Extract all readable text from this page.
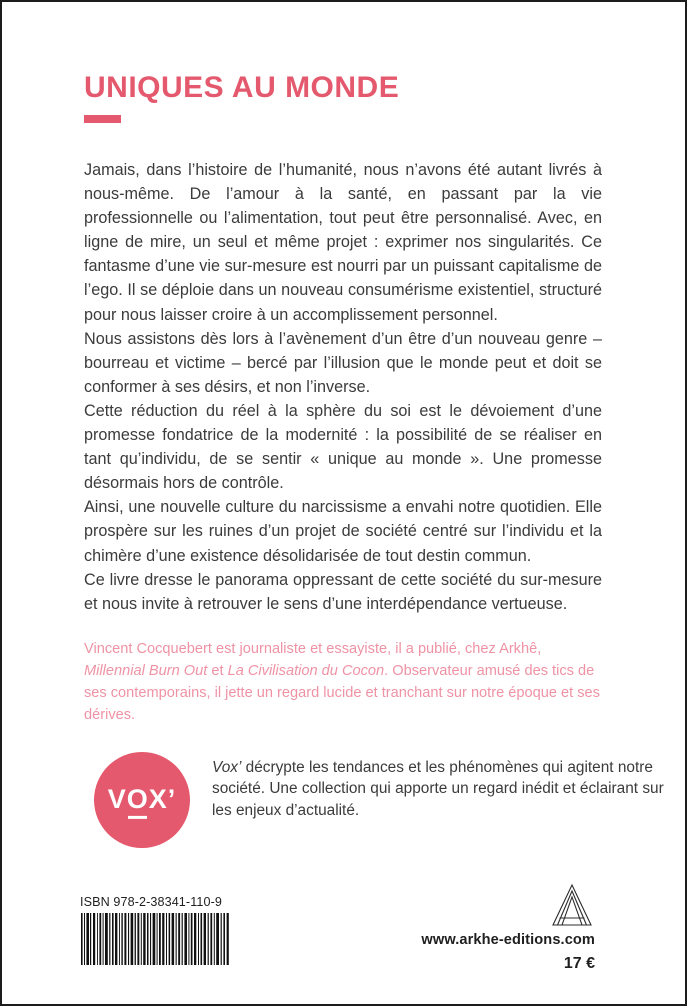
UNIQUES AU MONDE

Jamais, dans l’histoire de l’humanité, nous n’avons été autant livrés à nous-même. De l’amour à la santé, en passant par la vie professionnelle ou l’alimentation, tout peut être personnalisé. Avec, en ligne de mire, un seul et même projet : exprimer nos singularités. Ce fantasme d’une vie sur-mesure est nourri par un puissant capitalisme de l’ego. Il se déploie dans un nouveau consumérisme existentiel, structuré pour nous laisser croire à un accomplissement personnel.

Nous assistons dès lors à l’avènement d’un être d’un nouveau genre – bourreau et victime – bercé par l’illusion que le monde peut et doit se conformer à ses désirs, et non l’inverse.

Cette réduction du réel à la sphère du soi est le dévoiement d’une promesse fondatrice de la modernité : la possibilité de se réaliser en tant qu’individu, de se sentir « unique au monde ». Une promesse désormais hors de contrôle.

Ainsi, une nouvelle culture du narcissisme a envahi notre quotidien. Elle prospère sur les ruines d’un projet de société centré sur l’individu et la chimère d’une existence désolidarisée de tout destin commun.

Ce livre dresse le panorama oppressant de cette société du sur-mesure et nous invite à retrouver le sens d’une interdépendance vertueuse.

Vincent Cocquebert est journaliste et essayiste, il a publié, chez Arkhê, Millennial Burn Out et La Civilisation du Cocon. Observateur amusé des tics de ses contemporains, il jette un regard lucide et tranchant sur notre époque et ses dérives.
VOX’
Vox’ décrypte les tendances et les phénomènes qui agitent notre société. Une collection qui apporte un regard inédit et éclairant sur les enjeux d’actualité.
ISBN 978-2-38341-110-9
www.arkhe-editions.com
17 €
